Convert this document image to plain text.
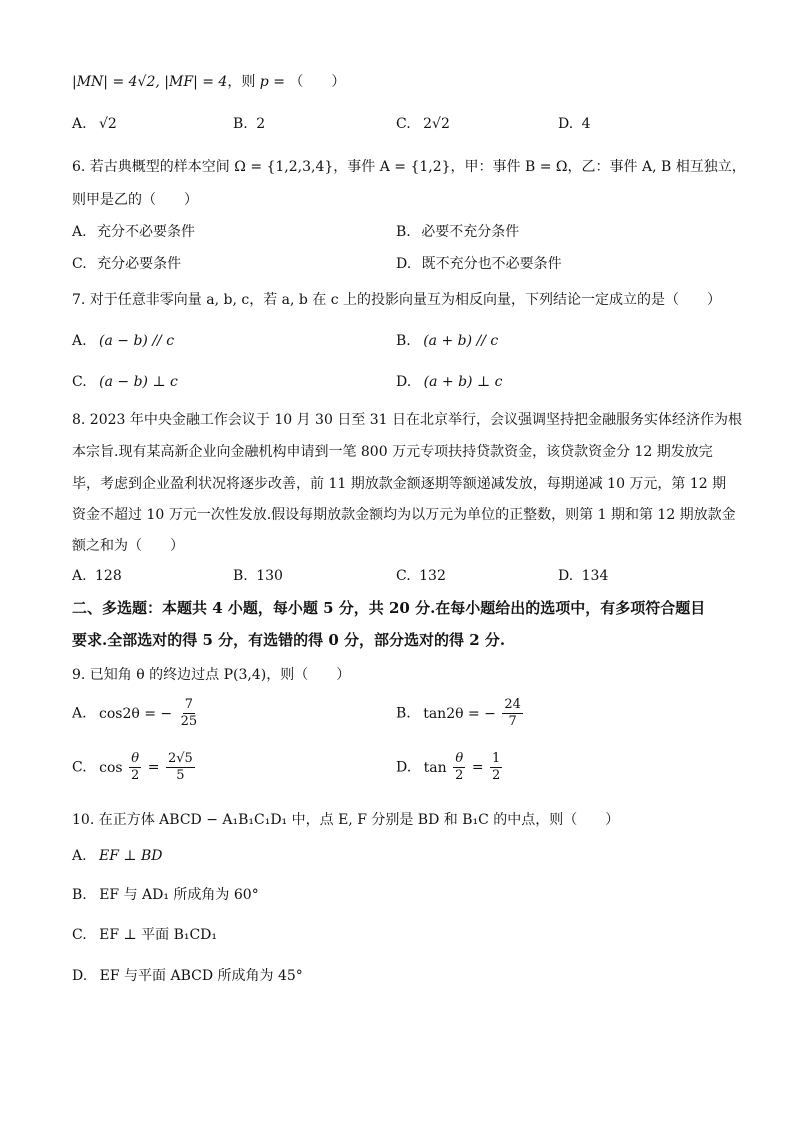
|MN| = 4√2, |MF| = 4，则 p = （　　）
A. √2	B. 2	C. 2√2	D. 4
6. 若古典概型的样本空间 Ω = {1,2,3,4}，事件 A = {1,2}，甲：事件 B = Ω，乙：事件 A, B 相互独立，
则甲是乙的（　　）
A. 充分不必要条件	B. 必要不充分条件
C. 充分必要条件	D. 既不充分也不必要条件
7. 对于任意非零向量 a, b, c，若 a, b 在 c 上的投影向量互为相反向量，下列结论一定成立的是（　　）
A. (a − b) // c	B. (a + b) // c
C. (a − b) ⊥ c	D. (a + b) ⊥ c
8. 2023 年中央金融工作会议于 10 月 30 日至 31 日在北京举行，会议强调坚持把金融服务实体经济作为根
本宗旨.现有某高新企业向金融机构申请到一笔 800 万元专项扶持贷款资金，该贷款资金分 12 期发放完
毕，考虑到企业盈利状况将逐步改善，前 11 期放款金额逐期等额递减发放，每期递减 10 万元，第 12 期
资金不超过 10 万元一次性发放.假设每期放款金额均为以万元为单位的正整数，则第 1 期和第 12 期放款金
额之和为（　　）
A. 128	B. 130	C. 132	D. 134
二、多选题：本题共 4 小题，每小题 5 分，共 20 分.在每小题给出的选项中，有多项符合题目
要求.全部选对的得 5 分，有选错的得 0 分，部分选对的得 2 分.
9. 已知角 θ 的终边过点 P(3,4)，则（　　）
A. cos2θ = − $\frac{7}{25}$	B. tan2θ = − $\frac{24}{7}$
C. $\cos \frac{\theta}{2} = \frac{2√5}{5}$	D. $\tan \frac{\theta}{2} = \frac{1}{2}$
10. 在正方体 ABCD − A₁B₁C₁D₁ 中，点 E, F 分别是 BD 和 B₁C 的中点，则（　　）
A. EF ⊥ BD
B. EF 与 AD₁ 所成角为 60°
C. EF ⊥ 平面 B₁CD₁
D. EF 与平面 ABCD 所成角为 45°
